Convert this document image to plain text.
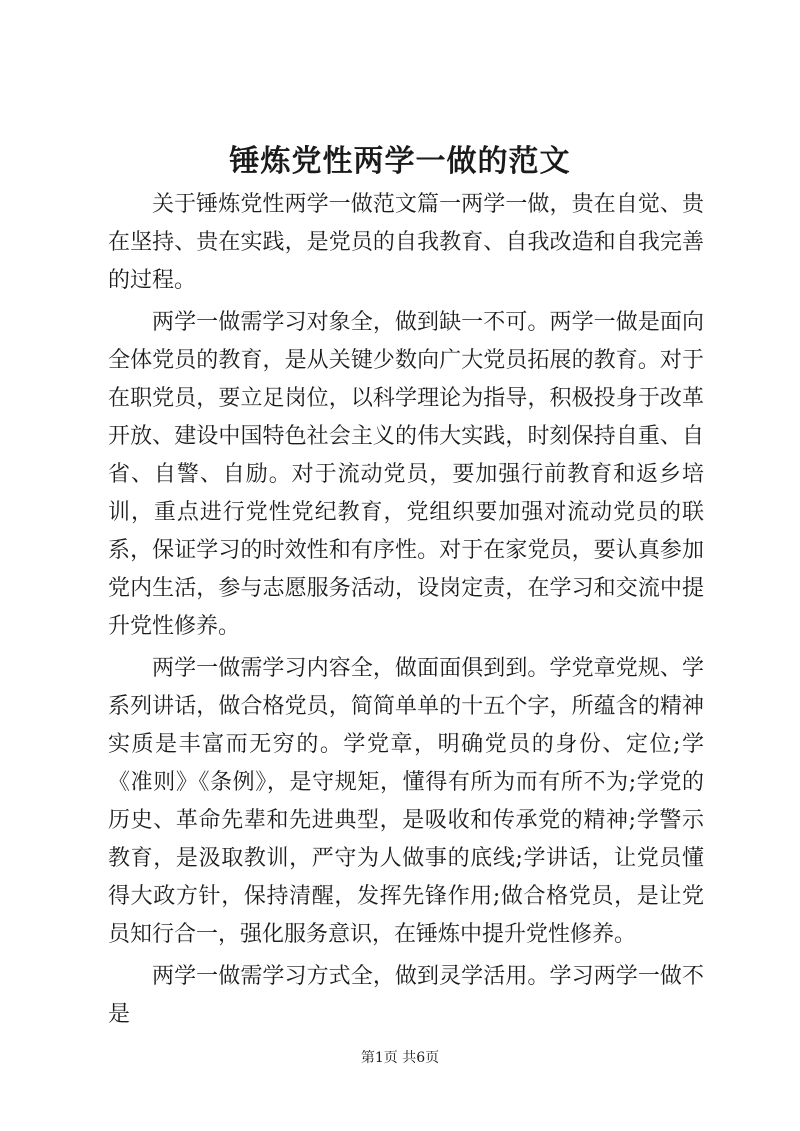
锤炼党性两学一做的范文

关于锤炼党性两学一做范文篇一两学一做，贵在自觉、贵在坚持、贵在实践，是党员的自我教育、自我改造和自我完善的过程。

两学一做需学习对象全，做到缺一不可。两学一做是面向全体党员的教育，是从关键少数向广大党员拓展的教育。对于在职党员，要立足岗位，以科学理论为指导，积极投身于改革开放、建设中国特色社会主义的伟大实践，时刻保持自重、自省、自警、自励。对于流动党员，要加强行前教育和返乡培训，重点进行党性党纪教育，党组织要加强对流动党员的联系，保证学习的时效性和有序性。对于在家党员，要认真参加党内生活，参与志愿服务活动，设岗定责，在学习和交流中提升党性修养。

两学一做需学习内容全，做面面俱到到。学党章党规、学系列讲话，做合格党员，简简单单的十五个字，所蕴含的精神实质是丰富而无穷的。学党章，明确党员的身份、定位;学《准则》《条例》，是守规矩，懂得有所为而有所不为;学党的历史、革命先辈和先进典型，是吸收和传承党的精神;学警示教育，是汲取教训，严守为人做事的底线;学讲话，让党员懂得大政方针，保持清醒，发挥先锋作用;做合格党员，是让党员知行合一，强化服务意识，在锤炼中提升党性修养。

两学一做需学习方式全，做到灵学活用。学习两学一做不是

第1页 共6页
